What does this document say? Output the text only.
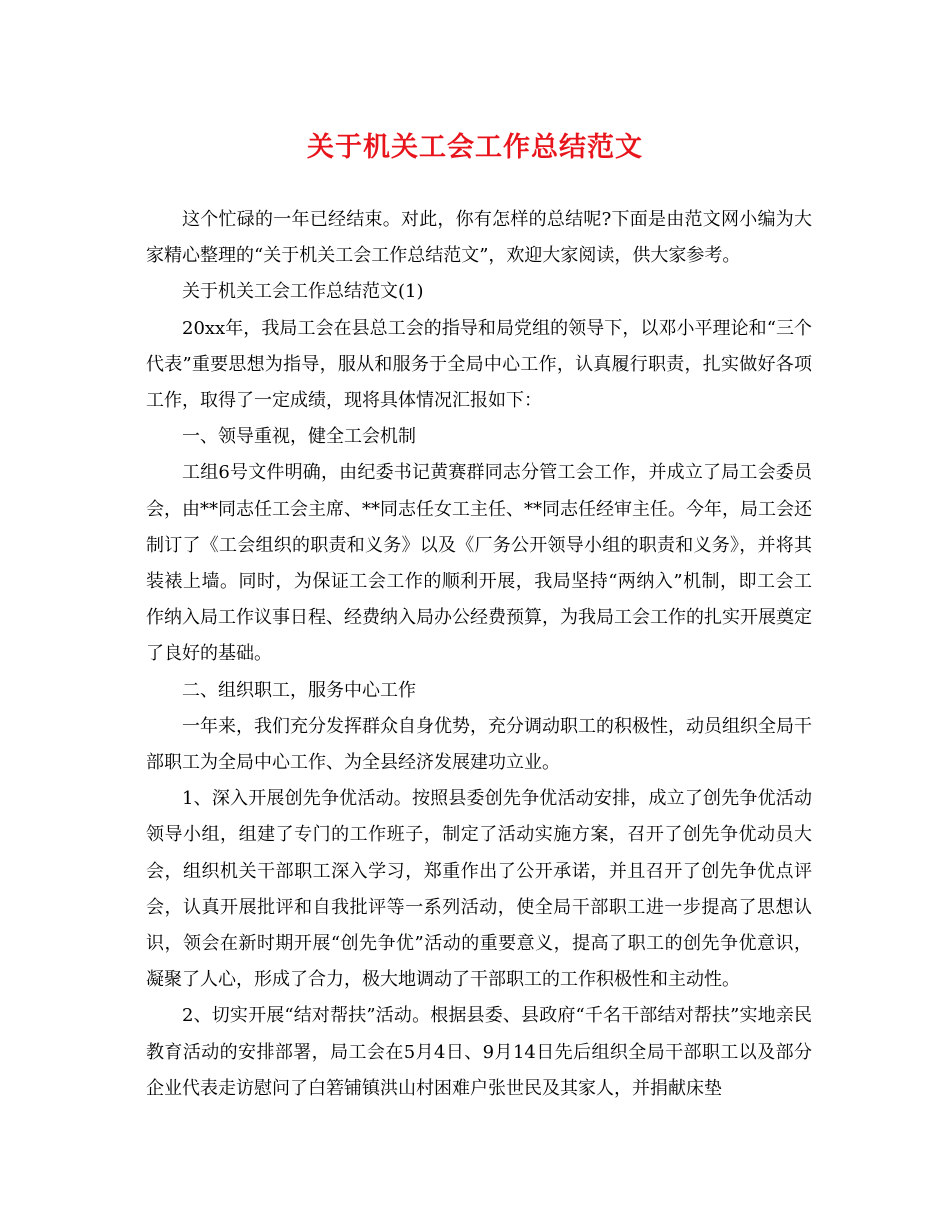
关于机关工会工作总结范文

这个忙碌的一年已经结束。对此，你有怎样的总结呢?下面是由范文网小编为大家精心整理的“关于机关工会工作总结范文”，欢迎大家阅读，供大家参考。

关于机关工会工作总结范文(1)

20xx年，我局工会在县总工会的指导和局党组的领导下，以邓小平理论和“三个代表”重要思想为指导，服从和服务于全局中心工作，认真履行职责，扎实做好各项工作，取得了一定成绩，现将具体情况汇报如下：

一、领导重视，健全工会机制

工组6号文件明确，由纪委书记黄赛群同志分管工会工作，并成立了局工会委员会，由**同志任工会主席、**同志任女工主任、**同志任经审主任。今年，局工会还制订了《工会组织的职责和义务》以及《厂务公开领导小组的职责和义务》，并将其装裱上墙。同时，为保证工会工作的顺利开展，我局坚持“两纳入”机制，即工会工作纳入局工作议事日程、经费纳入局办公经费预算，为我局工会工作的扎实开展奠定了良好的基础。

二、组织职工，服务中心工作

一年来，我们充分发挥群众自身优势，充分调动职工的积极性，动员组织全局干部职工为全局中心工作、为全县经济发展建功立业。

1、深入开展创先争优活动。按照县委创先争优活动安排，成立了创先争优活动领导小组，组建了专门的工作班子，制定了活动实施方案，召开了创先争优动员大会，组织机关干部职工深入学习，郑重作出了公开承诺，并且召开了创先争优点评会，认真开展批评和自我批评等一系列活动，使全局干部职工进一步提高了思想认识，领会在新时期开展“创先争优”活动的重要意义，提高了职工的创先争优意识，凝聚了人心，形成了合力，极大地调动了干部职工的工作积极性和主动性。

2、切实开展“结对帮扶”活动。根据县委、县政府“千名干部结对帮扶”实地亲民教育活动的安排部署，局工会在5月4日、9月14日先后组织全局干部职工以及部分企业代表走访慰问了白箬铺镇洪山村困难户张世民及其家人，并捐献床垫
